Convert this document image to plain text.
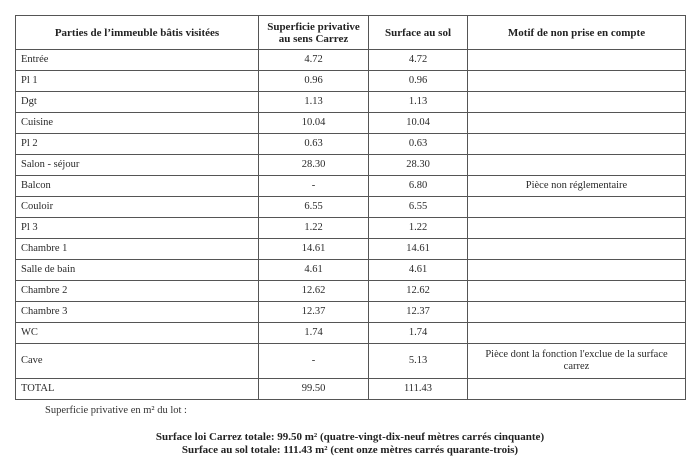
Parties de l’immeuble bâtis visitées	Superficie privative au sens Carrez	Surface au sol	Motif de non prise en compte
Entrée	4.72	4.72	
Pl 1	0.96	0.96	
Dgt	1.13	1.13	
Cuisine	10.04	10.04	
Pl 2	0.63	0.63	
Salon - séjour	28.30	28.30	
Balcon	-	6.80	Pièce non réglementaire
Couloir	6.55	6.55	
Pl 3	1.22	1.22	
Chambre 1	14.61	14.61	
Salle de bain	4.61	4.61	
Chambre 2	12.62	12.62	
Chambre 3	12.37	12.37	
WC	1.74	1.74	
Cave	-	5.13	Pièce dont la fonction l'exclue de la surface carrez
TOTAL	99.50	111.43	
Superficie privative en m² du lot :
Surface loi Carrez totale: 99.50 m² (quatre-vingt-dix-neuf mètres carrés cinquante)
Surface au sol totale: 111.43 m² (cent onze mètres carrés quarante-trois)
